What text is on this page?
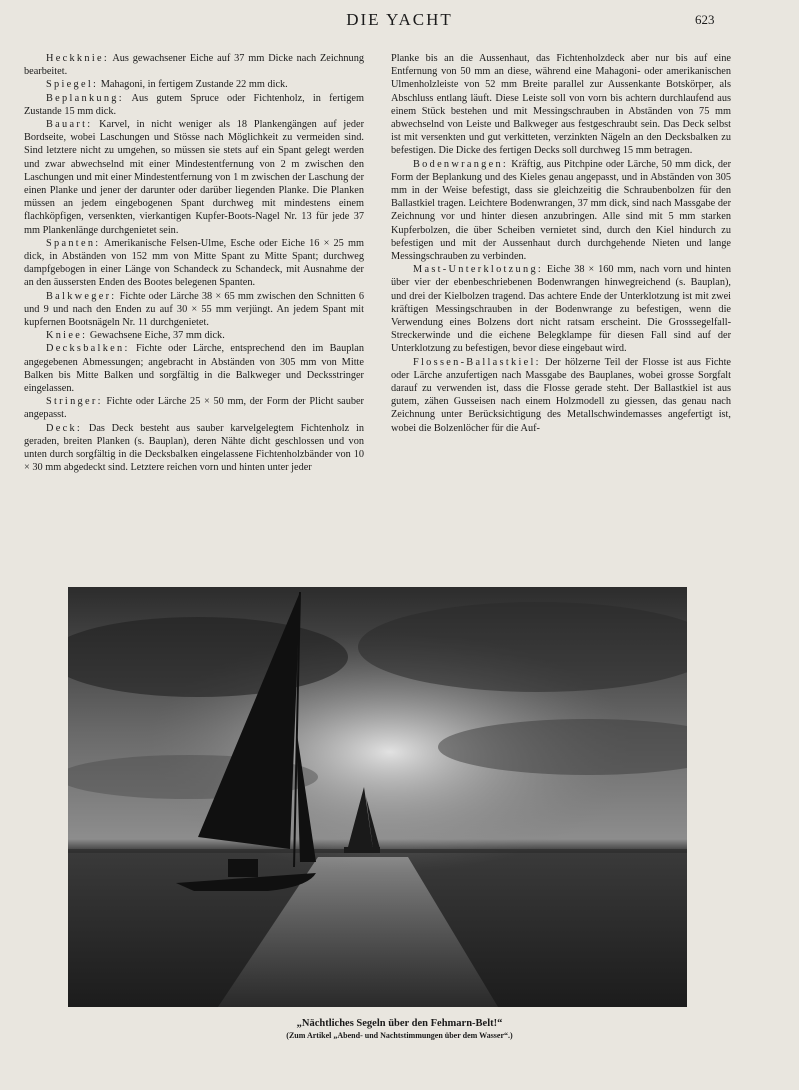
DIE YACHT	623

Heckknie: Aus gewachsener Eiche auf 37 mm Dicke nach Zeichnung bearbeitet.

Spiegel: Mahagoni, in fertigem Zustande 22 mm dick.

Beplankung: Aus gutem Spruce oder Fichtenholz, in fertigem Zustande 15 mm dick.

Bauart: Karvel, in nicht weniger als 18 Plankengängen auf jeder Bordseite, wobei Laschungen und Stösse nach Möglichkeit zu vermeiden sind. Sind letztere nicht zu umgehen, so müssen sie stets auf ein Spant gelegt werden und zwar abwechselnd mit einer Mindestentfernung von 2 m zwischen den Laschungen und mit einer Mindestentfernung von 1 m zwischen der Laschung der einen Planke und jener der darunter oder darüber liegenden Planke. Die Planken müssen an jedem eingebogenen Spant durchweg mit mindestens einem flachköpfigen, versenkten, vierkantigen Kupfer-Boots-Nagel Nr. 13 für jede 37 mm Plankenlänge durchgenietet sein.

Spanten: Amerikanische Felsen-Ulme, Esche oder Eiche 16 × 25 mm dick, in Abständen von 152 mm von Mitte Spant zu Mitte Spant; durchweg dampfgebogen in einer Länge von Schandeck zu Schandeck, mit Ausnahme der an den äussersten Enden des Bootes belegenen Spanten.

Balkweger: Fichte oder Lärche 38 × 65 mm zwischen den Schnitten 6 und 9 und nach den Enden zu auf 30 × 55 mm verjüngt. An jedem Spant mit kupfernen Bootsnägeln Nr. 11 durchgenietet.

Kniee: Gewachsene Eiche, 37 mm dick.

Decksbalken: Fichte oder Lärche, entsprechend den im Bauplan angegebenen Abmessungen; angebracht in Abständen von 305 mm von Mitte Balken bis Mitte Balken und sorgfältig in die Balkweger und Decksstringer eingelassen.

Stringer: Fichte oder Lärche 25 × 50 mm, der Form der Plicht sauber angepasst.

Deck: Das Deck besteht aus sauber karvelgelegtem Fichtenholz in geraden, breiten Planken (s. Bauplan), deren Nähte dicht geschlossen und von unten durch sorgfältig in die Decksbalken eingelassene Fichtenholzbänder von 10 × 30 mm abgedeckt sind. Letztere reichen vorn und hinten unter jeder

Planke bis an die Aussenhaut, das Fichtenholzdeck aber nur bis auf eine Entfernung von 50 mm an diese, während eine Mahagoni- oder amerikanischen Ulmenholzleiste von 52 mm Breite parallel zur Aussenkante Botskörper, als Abschluss entlang läuft. Diese Leiste soll von vorn bis achtern durchlaufend aus einem Stück bestehen und mit Messingschrauben in Abständen von 75 mm abwechselnd von Leiste und Balkweger aus festgeschraubt sein. Das Deck selbst ist mit versenkten und gut verkitteten, verzinkten Nägeln an den Decksbalken zu befestigen. Die Dicke des fertigen Decks soll durchweg 15 mm betragen.

Bodenwrangen: Kräftig, aus Pitchpine oder Lärche, 50 mm dick, der Form der Beplankung und des Kieles genau angepasst, und in Abständen von 305 mm in der Weise befestigt, dass sie gleichzeitig die Schraubenbolzen für den Ballastkiel tragen. Leichtere Bodenwrangen, 37 mm dick, sind nach Massgabe der Zeichnung vor und hinter diesen anzubringen. Alle sind mit 5 mm starken Kupferbolzen, die über Scheiben vernietet sind, durch den Kiel hindurch zu befestigen und mit der Aussenhaut durch durchgehende Nieten und lange Messingschrauben zu verbinden.

Mast-Unterklotzung: Eiche 38 × 160 mm, nach vorn und hinten über vier der ebenbeschriebenen Bodenwrangen hinwegreichend (s. Bauplan), und drei der Kielbolzen tragend. Das achtere Ende der Unterklotzung ist mit zwei kräftigen Messingschrauben in der Bodenwrange zu befestigen, wenn die Verwendung eines Bolzens dort nicht ratsam erscheint. Die Grosssegelfall-Streckerwinde und die eichene Belegklampe für diesen Fall sind auf der Unterklotzung zu befestigen, bevor diese eingebaut wird.

Flossen-Ballastkiel: Der hölzerne Teil der Flosse ist aus Fichte oder Lärche anzufertigen nach Massgabe des Bauplanes, wobei grosse Sorgfalt darauf zu verwenden ist, dass die Flosse gerade steht. Der Ballastkiel ist aus gutem, zähen Gusseisen nach einem Holzmodell zu giessen, das genau nach Zeichnung unter Berücksichtigung des Metallschwindemasses angefertigt ist, wobei die Bolzenlöcher für die Auf-

„Nächtliches Segeln über den Fehmarn-Belt!“
(Zum Artikel „Abend- und Nachtstimmungen über dem Wasser“.)
